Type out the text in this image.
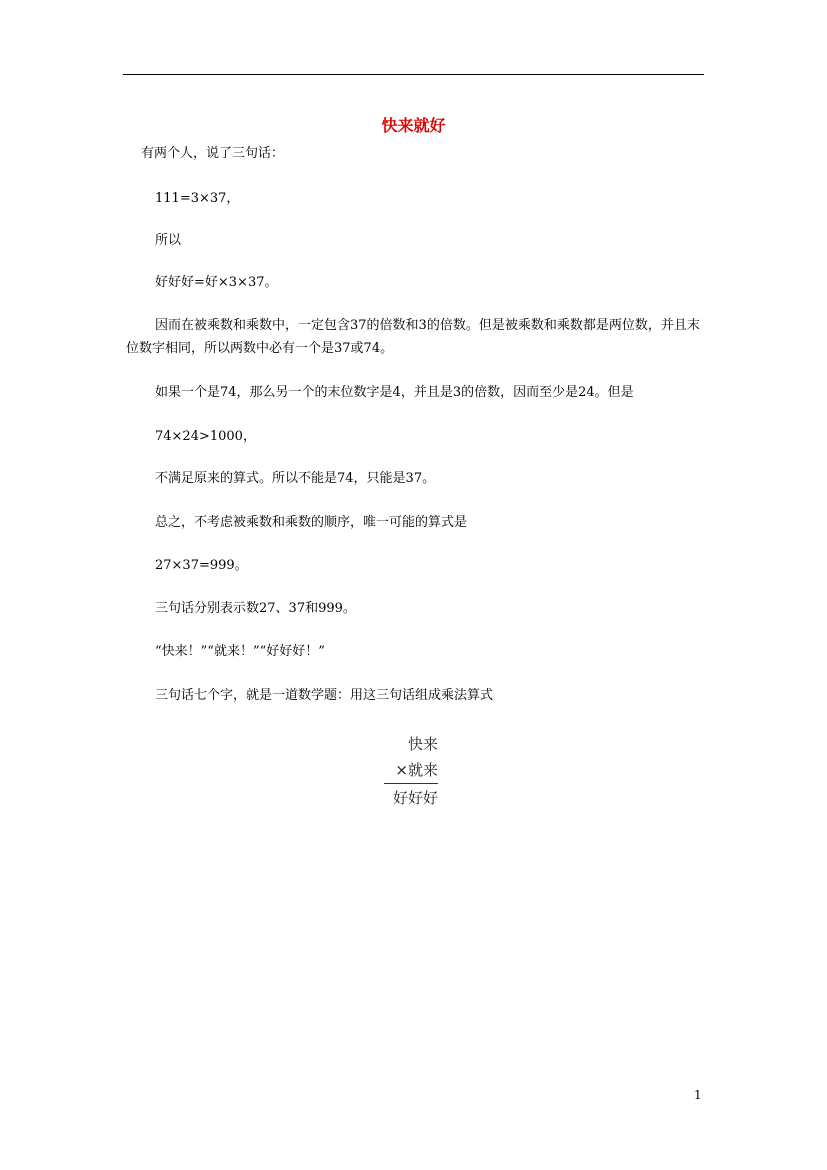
快来就好
有两个人，说了三句话：
111=3×37，
所以
好好好=好×3×37。
因而在被乘数和乘数中，一定包含37的倍数和3的倍数。但是被乘数和乘数都是两位数，并且末位数字相同，所以两数中必有一个是37或74。
如果一个是74，那么另一个的末位数字是4，并且是3的倍数，因而至少是24。但是
74×24>1000，
不满足原来的算式。所以不能是74，只能是37。
总之，不考虑被乘数和乘数的顺序，唯一可能的算式是
27×37=999。
三句话分别表示数27、37和999。
“快来！”“就来！”“好好好！”
三句话七个字，就是一道数学题：用这三句话组成乘法算式
快来
×就来
好好好
1
